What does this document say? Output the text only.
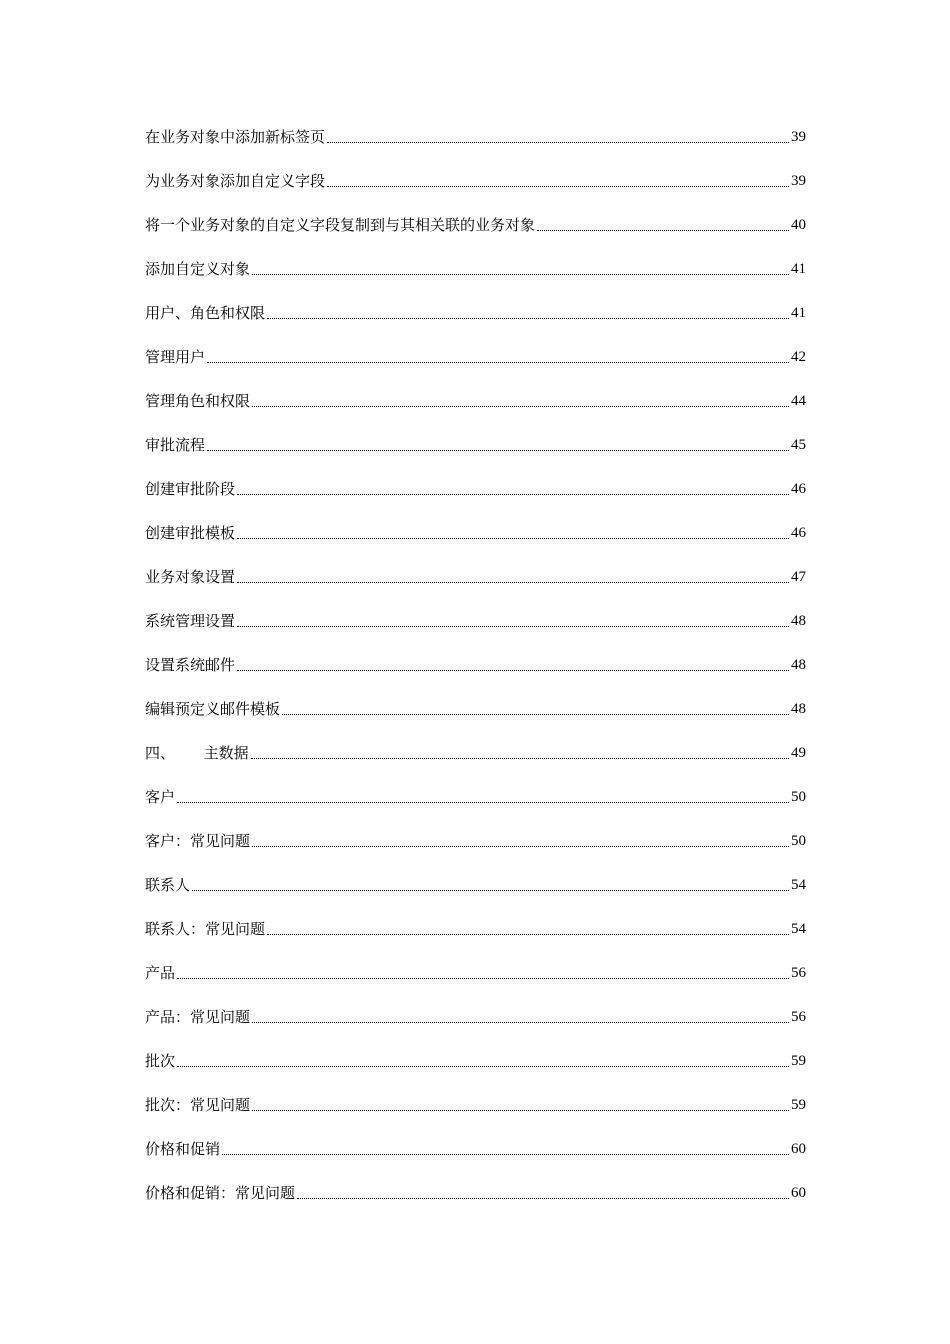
在业务对象中添加新标签页	39
为业务对象添加自定义字段	39
将一个业务对象的自定义字段复制到与其相关联的业务对象	40
添加自定义对象	41
用户、角色和权限	41
管理用户	42
管理角色和权限	44
审批流程	45
创建审批阶段	46
创建审批模板	46
业务对象设置	47
系统管理设置	48
设置系统邮件	48
编辑预定义邮件模板	48
四、      主数据	49
客户	50
客户：常见问题	50
联系人	54
联系人：常见问题	54
产品	56
产品：常见问题	56
批次	59
批次：常见问题	59
价格和促销	60
价格和促销：常见问题	60
